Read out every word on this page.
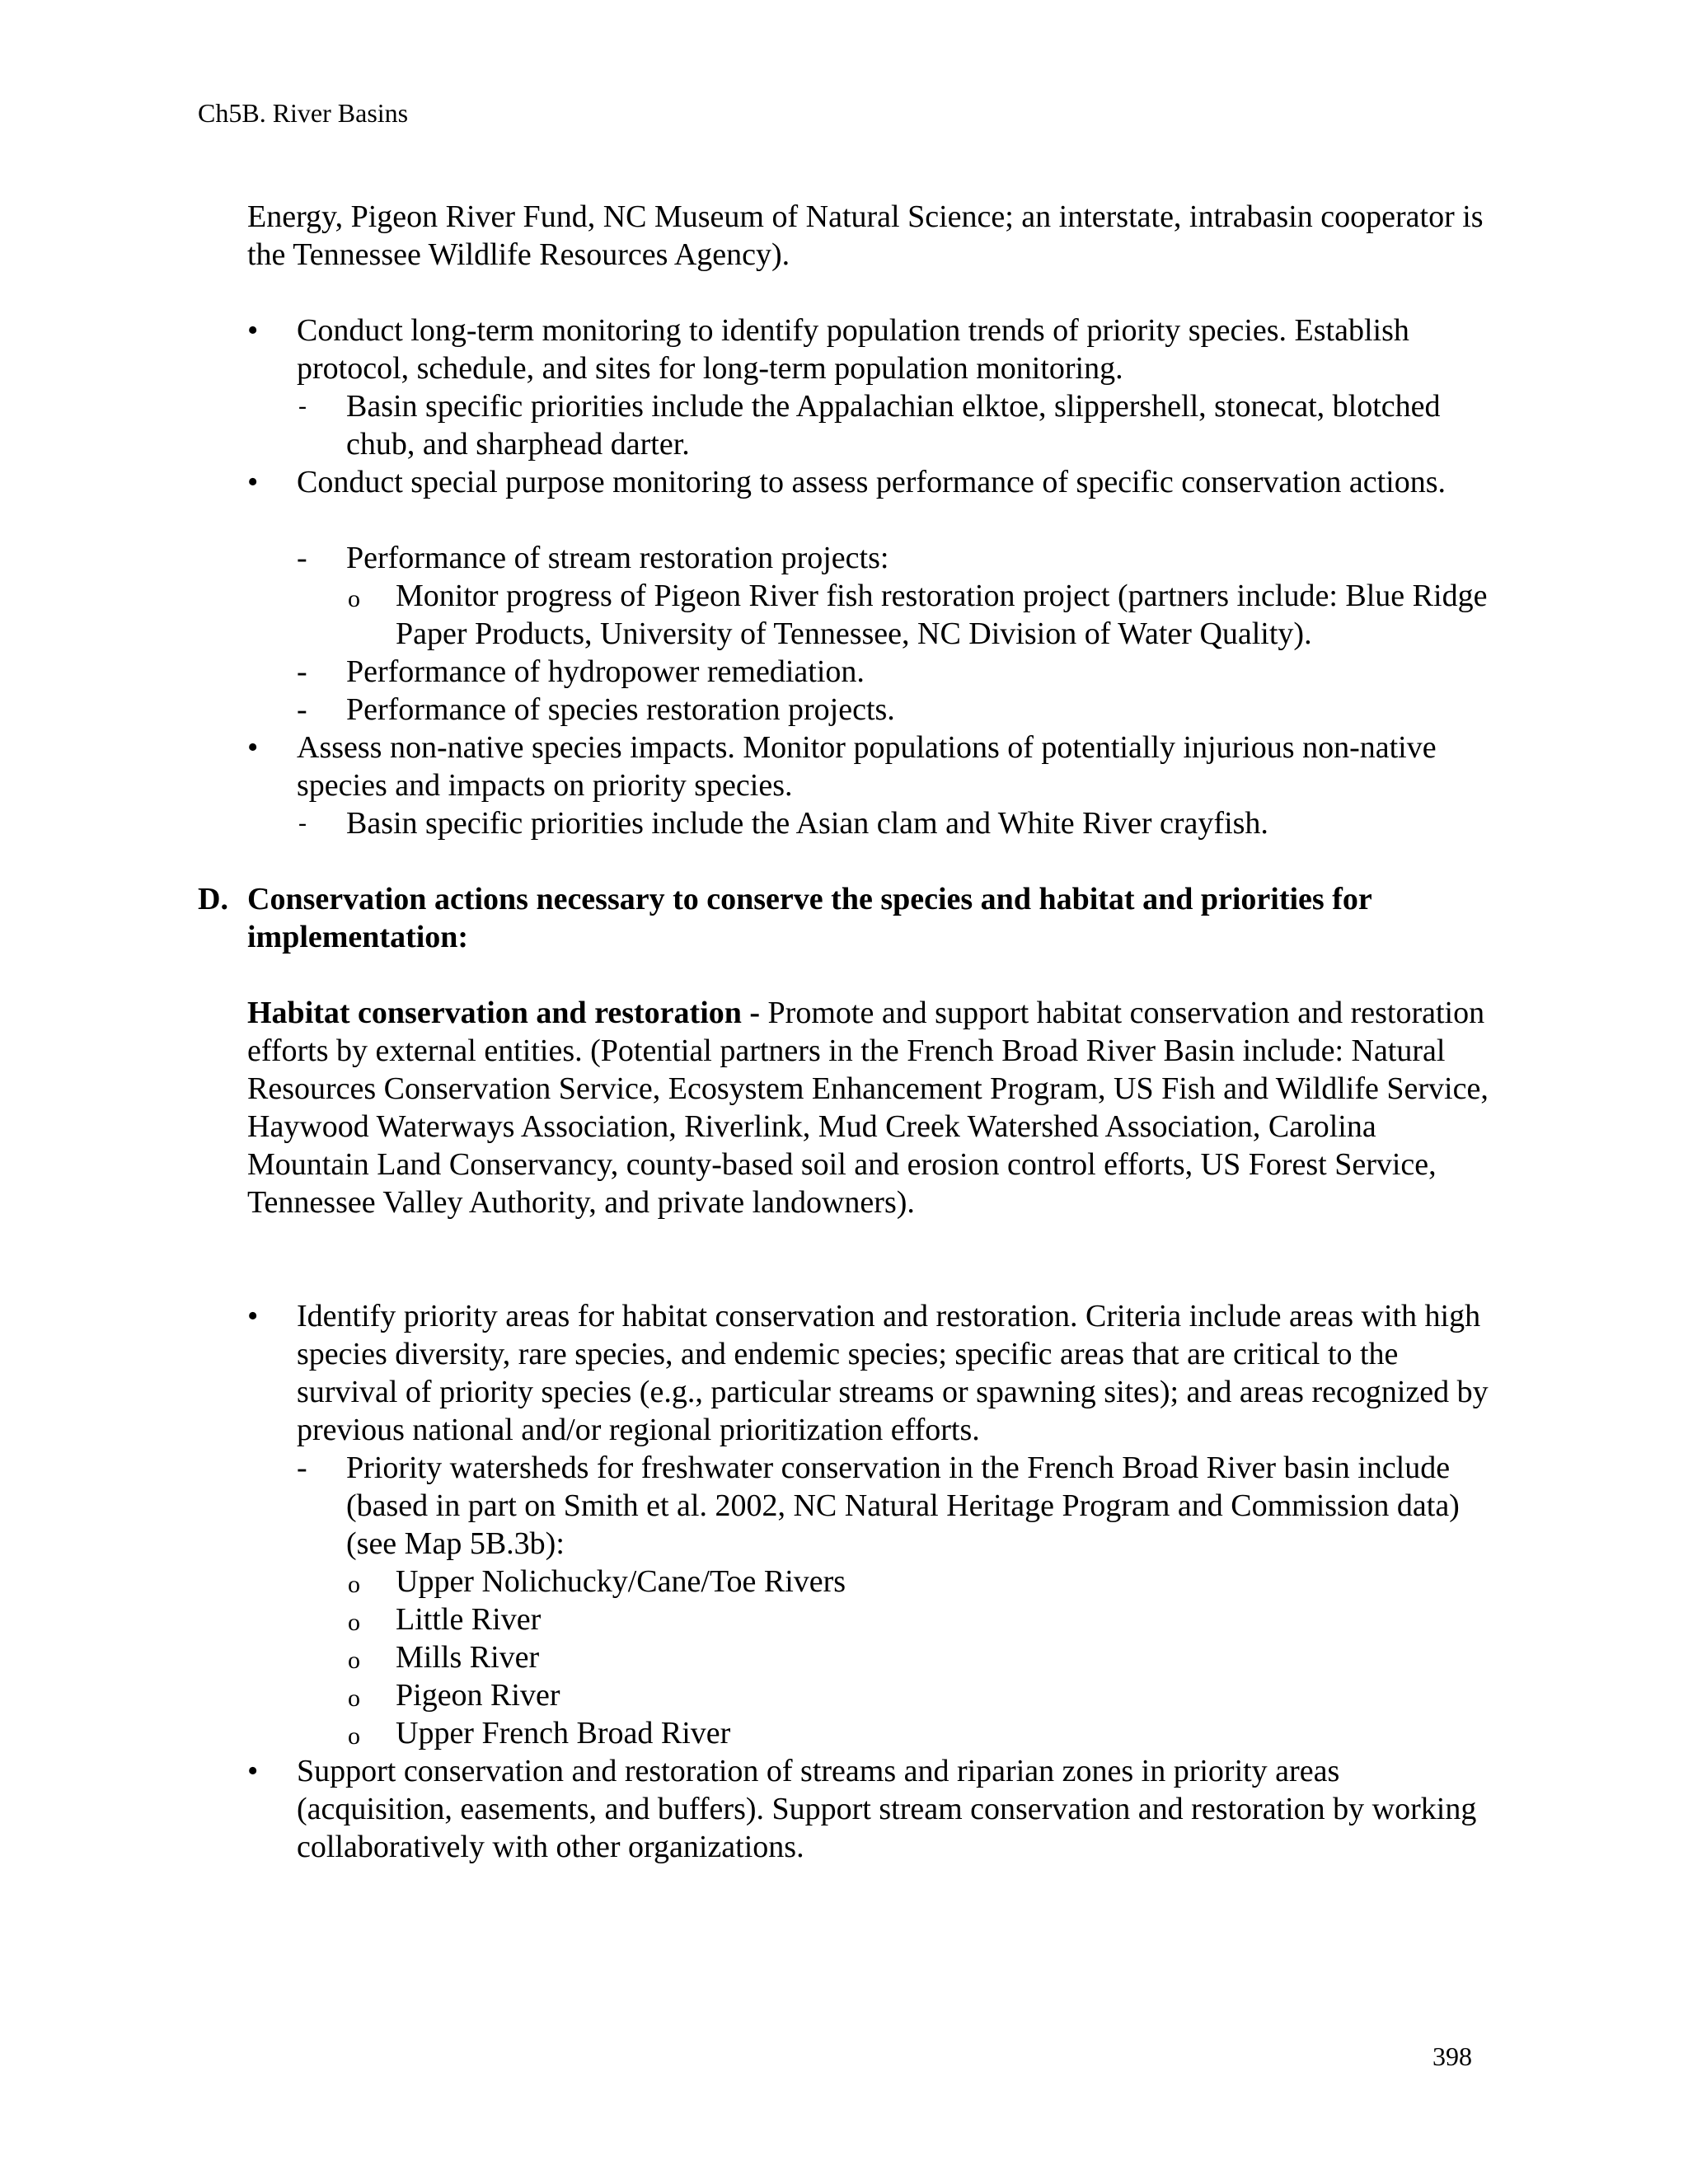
Ch5B. River Basins

Energy, Pigeon River Fund, NC Museum of Natural Science; an interstate, intrabasin cooperator is the Tennessee Wildlife Resources Agency).

• Conduct long-term monitoring to identify population trends of priority species. Establish protocol, schedule, and sites for long-term population monitoring.
- Basin specific priorities include the Appalachian elktoe, slippershell, stonecat, blotched chub, and sharphead darter.
• Conduct special purpose monitoring to assess performance of specific conservation actions.
- Performance of stream restoration projects:
o Monitor progress of Pigeon River fish restoration project (partners include: Blue Ridge Paper Products, University of Tennessee, NC Division of Water Quality).
- Performance of hydropower remediation.
- Performance of species restoration projects.
• Assess non-native species impacts. Monitor populations of potentially injurious non-native species and impacts on priority species.
- Basin specific priorities include the Asian clam and White River crayfish.
D. Conservation actions necessary to conserve the species and habitat and priorities for implementation:

Habitat conservation and restoration - Promote and support habitat conservation and restoration efforts by external entities. (Potential partners in the French Broad River Basin include: Natural Resources Conservation Service, Ecosystem Enhancement Program, US Fish and Wildlife Service, Haywood Waterways Association, Riverlink, Mud Creek Watershed Association, Carolina Mountain Land Conservancy, county-based soil and erosion control efforts, US Forest Service, Tennessee Valley Authority, and private landowners).

• Identify priority areas for habitat conservation and restoration. Criteria include areas with high species diversity, rare species, and endemic species; specific areas that are critical to the survival of priority species (e.g., particular streams or spawning sites); and areas recognized by previous national and/or regional prioritization efforts.
- Priority watersheds for freshwater conservation in the French Broad River basin include (based in part on Smith et al. 2002, NC Natural Heritage Program and Commission data) (see Map 5B.3b):
o Upper Nolichucky/Cane/Toe Rivers
o Little River
o Mills River
o Pigeon River
o Upper French Broad River
• Support conservation and restoration of streams and riparian zones in priority areas (acquisition, easements, and buffers). Support stream conservation and restoration by working collaboratively with other organizations.
398
